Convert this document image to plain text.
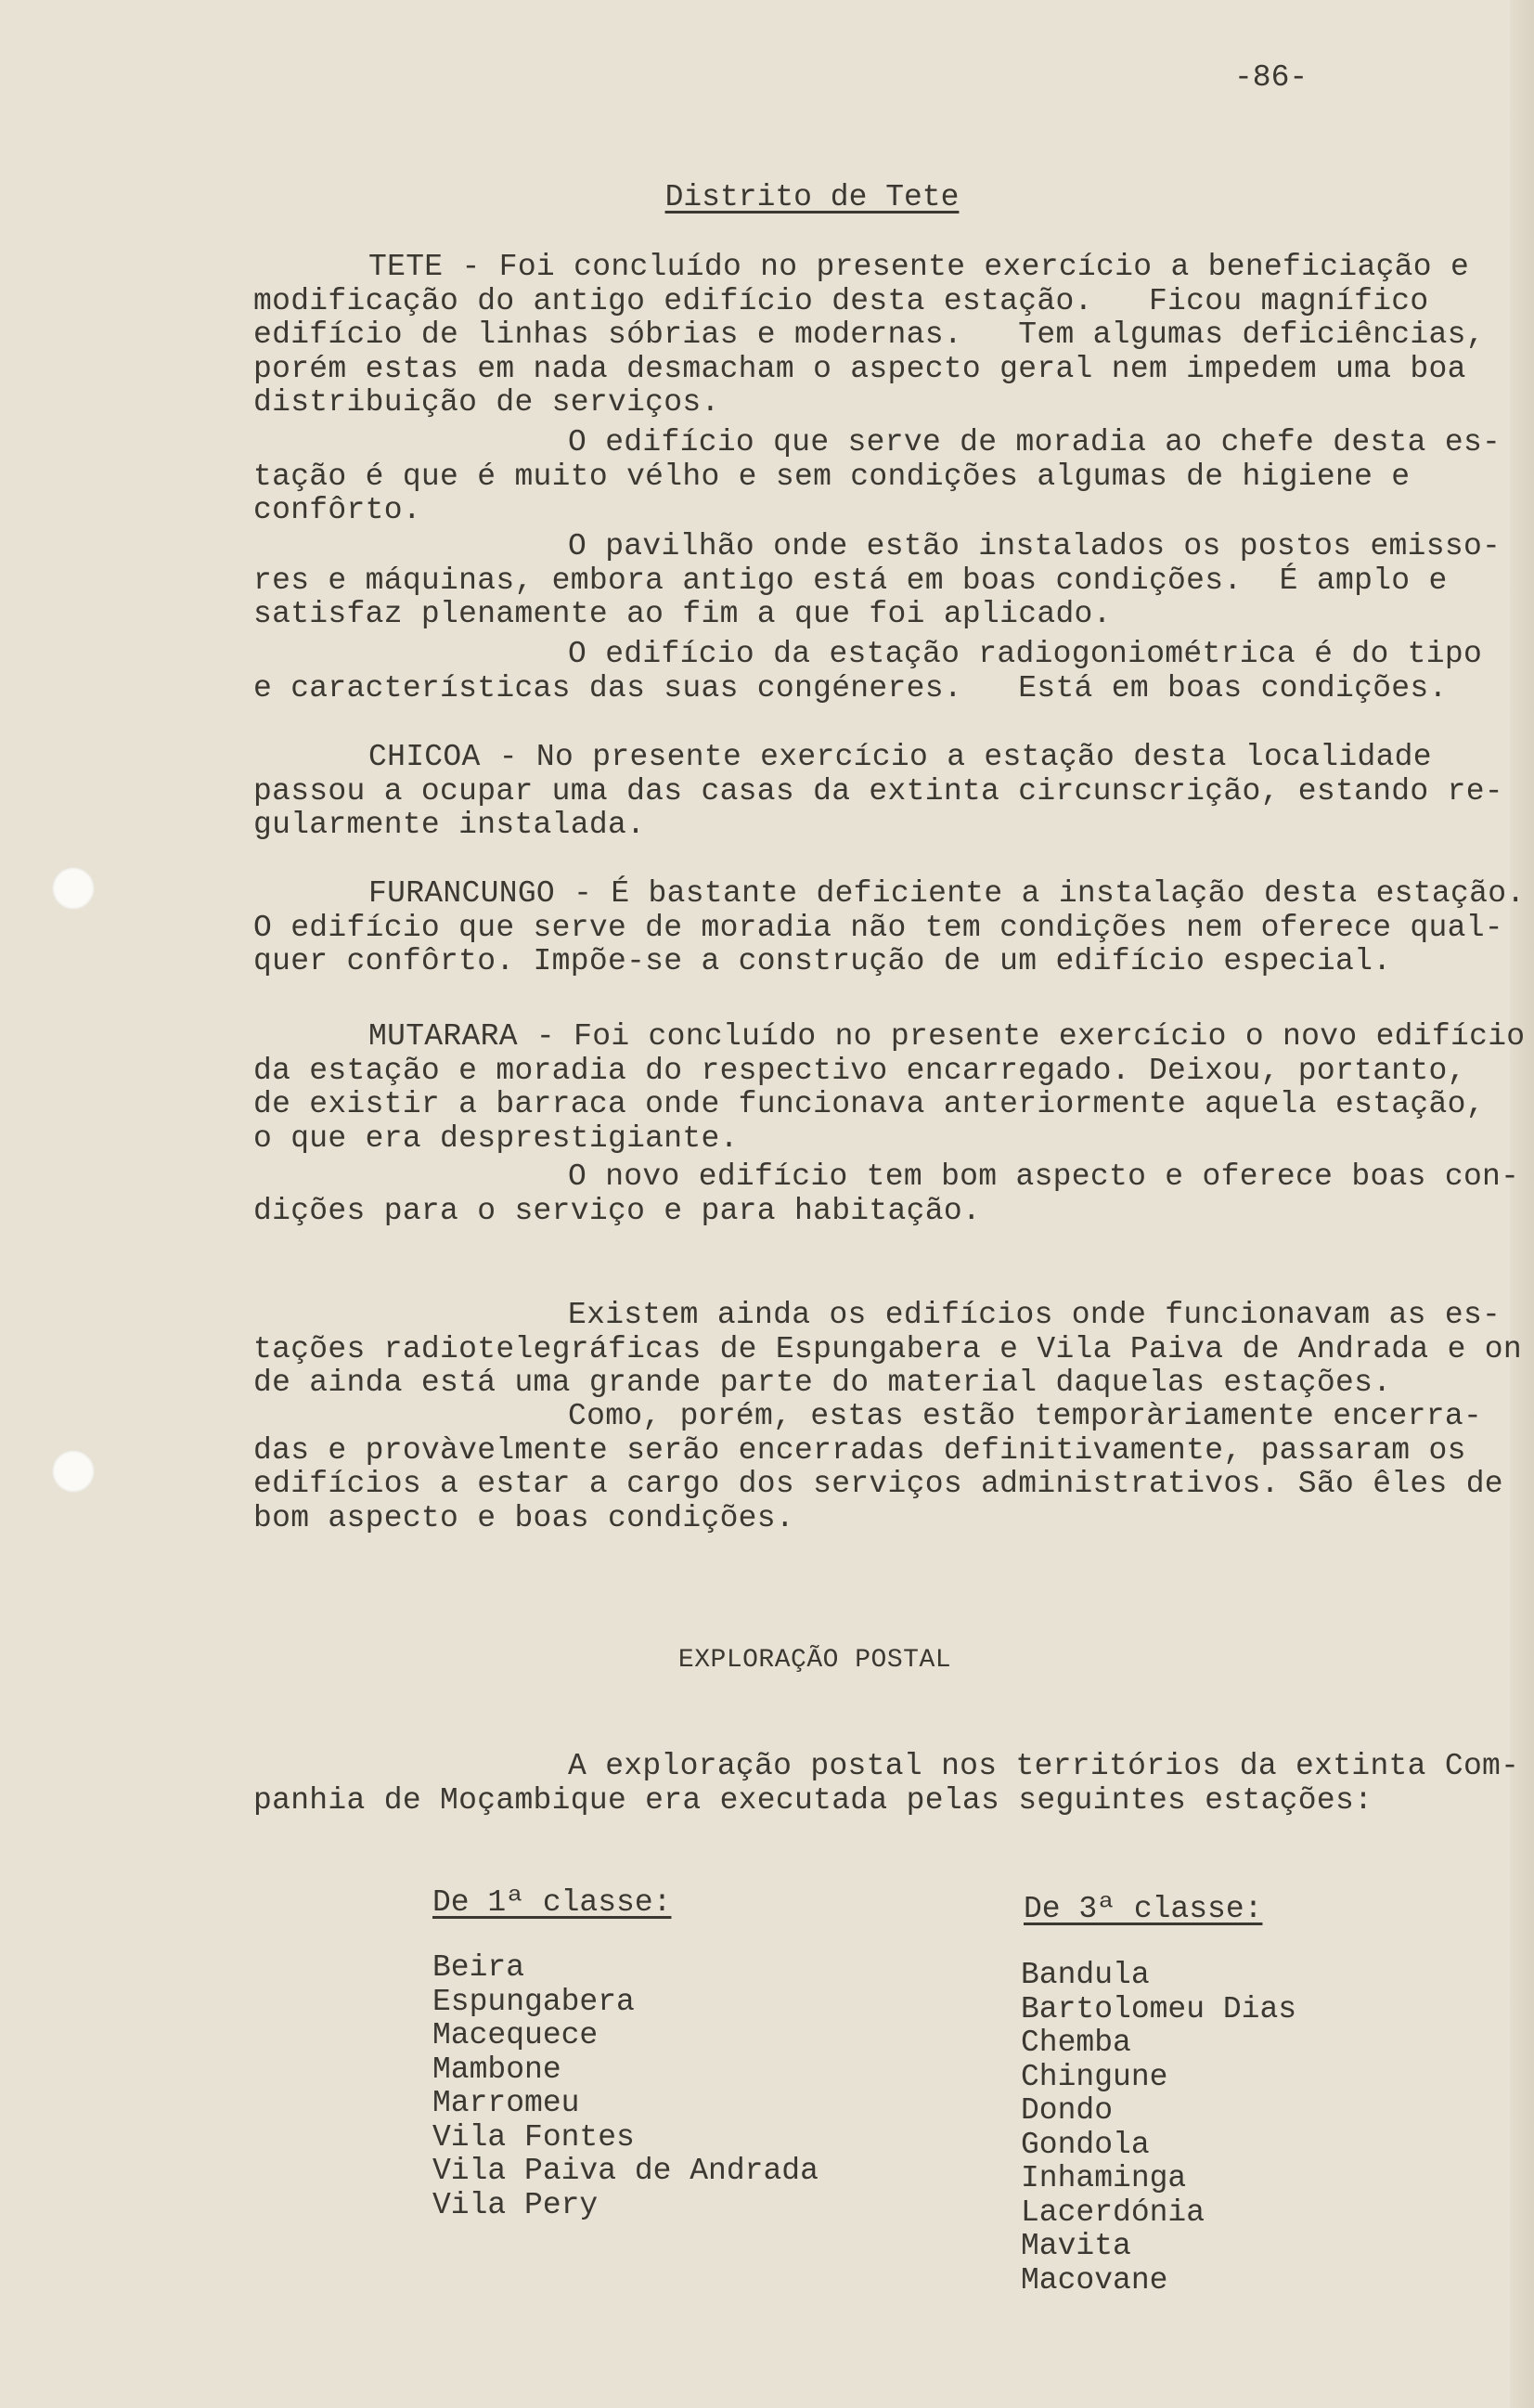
-86-
Distrito de Tete
TETE - Foi concluído no presente exercício a beneficiação e
modificação do antigo edifício desta estação.   Ficou magnífico
edifício de linhas sóbrias e modernas.   Tem algumas deficiências,
porém estas em nada desmacham o aspecto geral nem impedem uma boa
distribuição de serviços.
O edifício que serve de moradia ao chefe desta es-
tação é que é muito vélho e sem condições algumas de higiene e
confôrto.
O pavilhão onde estão instalados os postos emisso-
res e máquinas, embora antigo está em boas condições.  É amplo e
satisfaz plenamente ao fim a que foi aplicado.
O edifício da estação radiogoniométrica é do tipo
e características das suas congéneres.   Está em boas condições.
CHICOA - No presente exercício a estação desta localidade
passou a ocupar uma das casas da extinta circunscrição, estando re-
gularmente instalada.
FURANCUNGO - É bastante deficiente a instalação desta estação.
O edifício que serve de moradia não tem condições nem oferece qual-
quer confôrto. Impõe-se a construção de um edifício especial.
MUTARARA - Foi concluído no presente exercício o novo edifício
da estação e moradia do respectivo encarregado. Deixou, portanto,
de existir a barraca onde funcionava anteriormente aquela estação,
o que era desprestigiante.
O novo edifício tem bom aspecto e oferece boas con-
dições para o serviço e para habitação.
Existem ainda os edifícios onde funcionavam as es-
tações radiotelegráficas de Espungabera e Vila Paiva de Andrada e on
de ainda está uma grande parte do material daquelas estações.
Como, porém, estas estão temporàriamente encerra-
das e provàvelmente serão encerradas definitivamente, passaram os
edifícios a estar a cargo dos serviços administrativos. São êles de
bom aspecto e boas condições.
A exploração postal nos territórios da extinta Com-
panhia de Moçambique era executada pelas seguintes estações:
EXPLORAÇÃO POSTAL
De 1ª classe:	De 3ª classe:
Beira
Espungabera
Macequece
Mambone
Marromeu
Vila Fontes
Vila Paiva de Andrada
Vila Pery
Bandula
Bartolomeu Dias
Chemba
Chingune
Dondo
Gondola
Inhaminga
Lacerdónia
Mavita
Macovane
